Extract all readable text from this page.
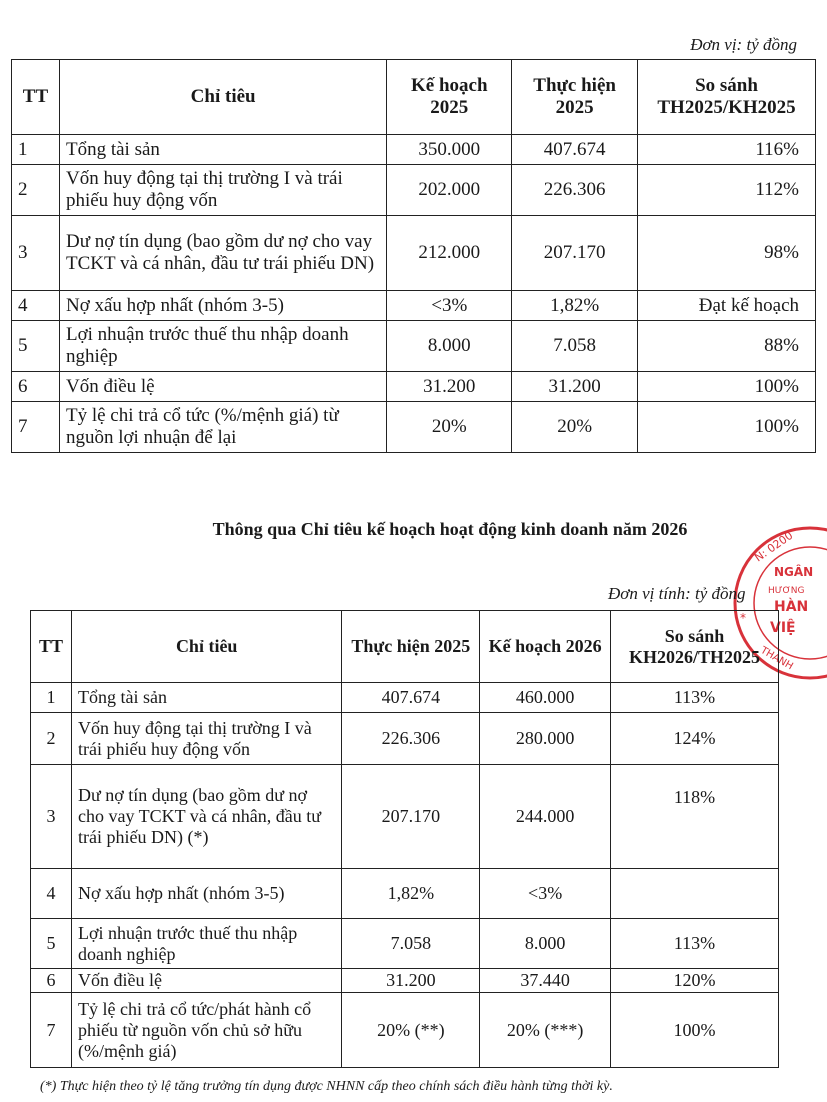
Đơn vị: tỷ đồng
TT	Chỉ tiêu	Kế hoạch 2025	Thực hiện 2025	So sánh TH2025/KH2025
1	Tổng tài sản	350.000	407.674	116%
2	Vốn huy động tại thị trường I và trái phiếu huy động vốn	202.000	226.306	112%
3	Dư nợ tín dụng (bao gồm dư nợ cho vay TCKT và cá nhân, đầu tư trái phiếu DN)	212.000	207.170	98%
4	Nợ xấu hợp nhất (nhóm 3-5)	<3%	1,82%	Đạt kế hoạch
5	Lợi nhuận trước thuế thu nhập doanh nghiệp	8.000	7.058	88%
6	Vốn điều lệ	31.200	31.200	100%
7	Tỷ lệ chi trả cổ tức (%/mệnh giá) từ nguồn lợi nhuận để lại	20%	20%	100%
Thông qua Chỉ tiêu kế hoạch hoạt động kinh doanh năm 2026	N: 0200
NGÂN
HƯƠNG
HÀN
VIỆ
*
THANH
Đơn vị tính: tỷ đồng
TT	Chỉ tiêu	Thực hiện 2025	Kế hoạch 2026	So sánh KH2026/TH2025
1	Tổng tài sản	407.674	460.000	113%
2	Vốn huy động tại thị trường I và trái phiếu huy động vốn	226.306	280.000	124%
3	Dư nợ tín dụng (bao gồm dư nợ cho vay TCKT và cá nhân, đầu tư trái phiếu DN) (*)	207.170	244.000	118%
4	Nợ xấu hợp nhất (nhóm 3-5)	1,82%	<3%	
5	Lợi nhuận trước thuế thu nhập doanh nghiệp	7.058	8.000	113%
6	Vốn điều lệ	31.200	37.440	120%
7	Tỷ lệ chi trả cổ tức/phát hành cổ phiếu từ nguồn vốn chủ sở hữu (%/mệnh giá)	20% (**)	20% (***)	100%
(*) Thực hiện theo tỷ lệ tăng trưởng tín dụng được NHNN cấp theo chính sách điều hành từng thời kỳ.
